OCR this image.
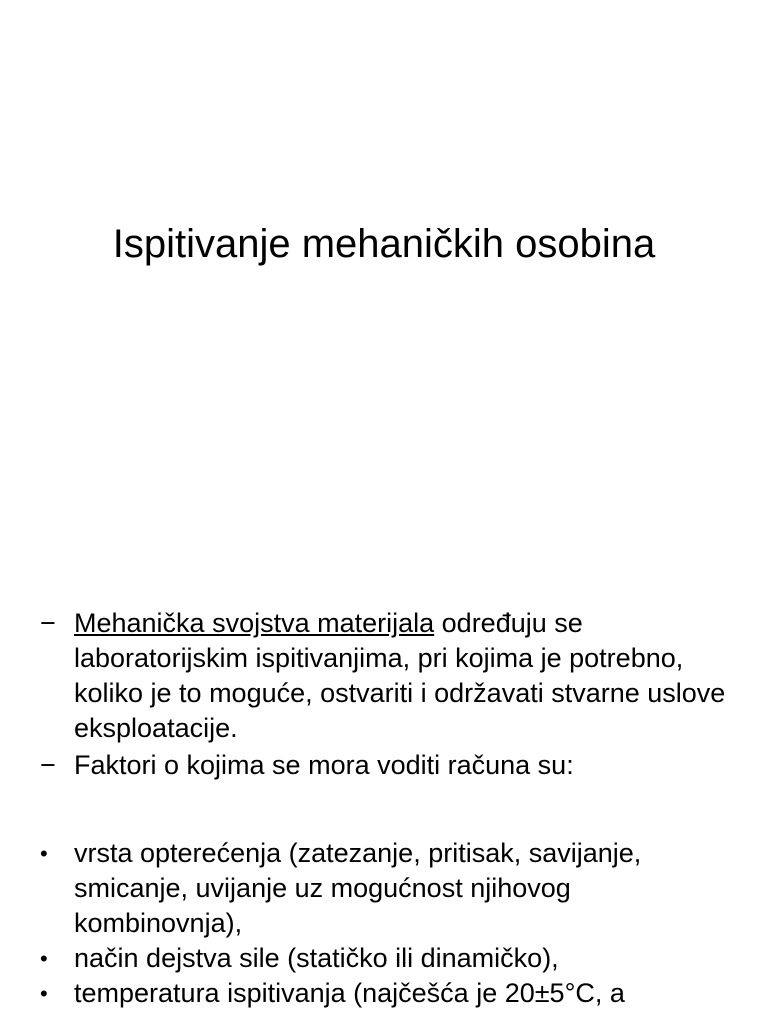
Ispitivanje mehaničkih osobina
− Mehanička svojstva materijala određuju se laboratorijskim ispitivanjima, pri kojima je potrebno, koliko je to moguće, ostvariti i održavati stvarne uslove eksploatacije.
− Faktori o kojima se mora voditi računa su:
• vrsta opterećenja (zatezanje, pritisak, savijanje, smicanje, uvijanje uz mogućnost njihovog kombinovnja),
• način dejstva sile (statičko ili dinamičko),
• temperatura ispitivanja (najčešća je 20±5°C, a
